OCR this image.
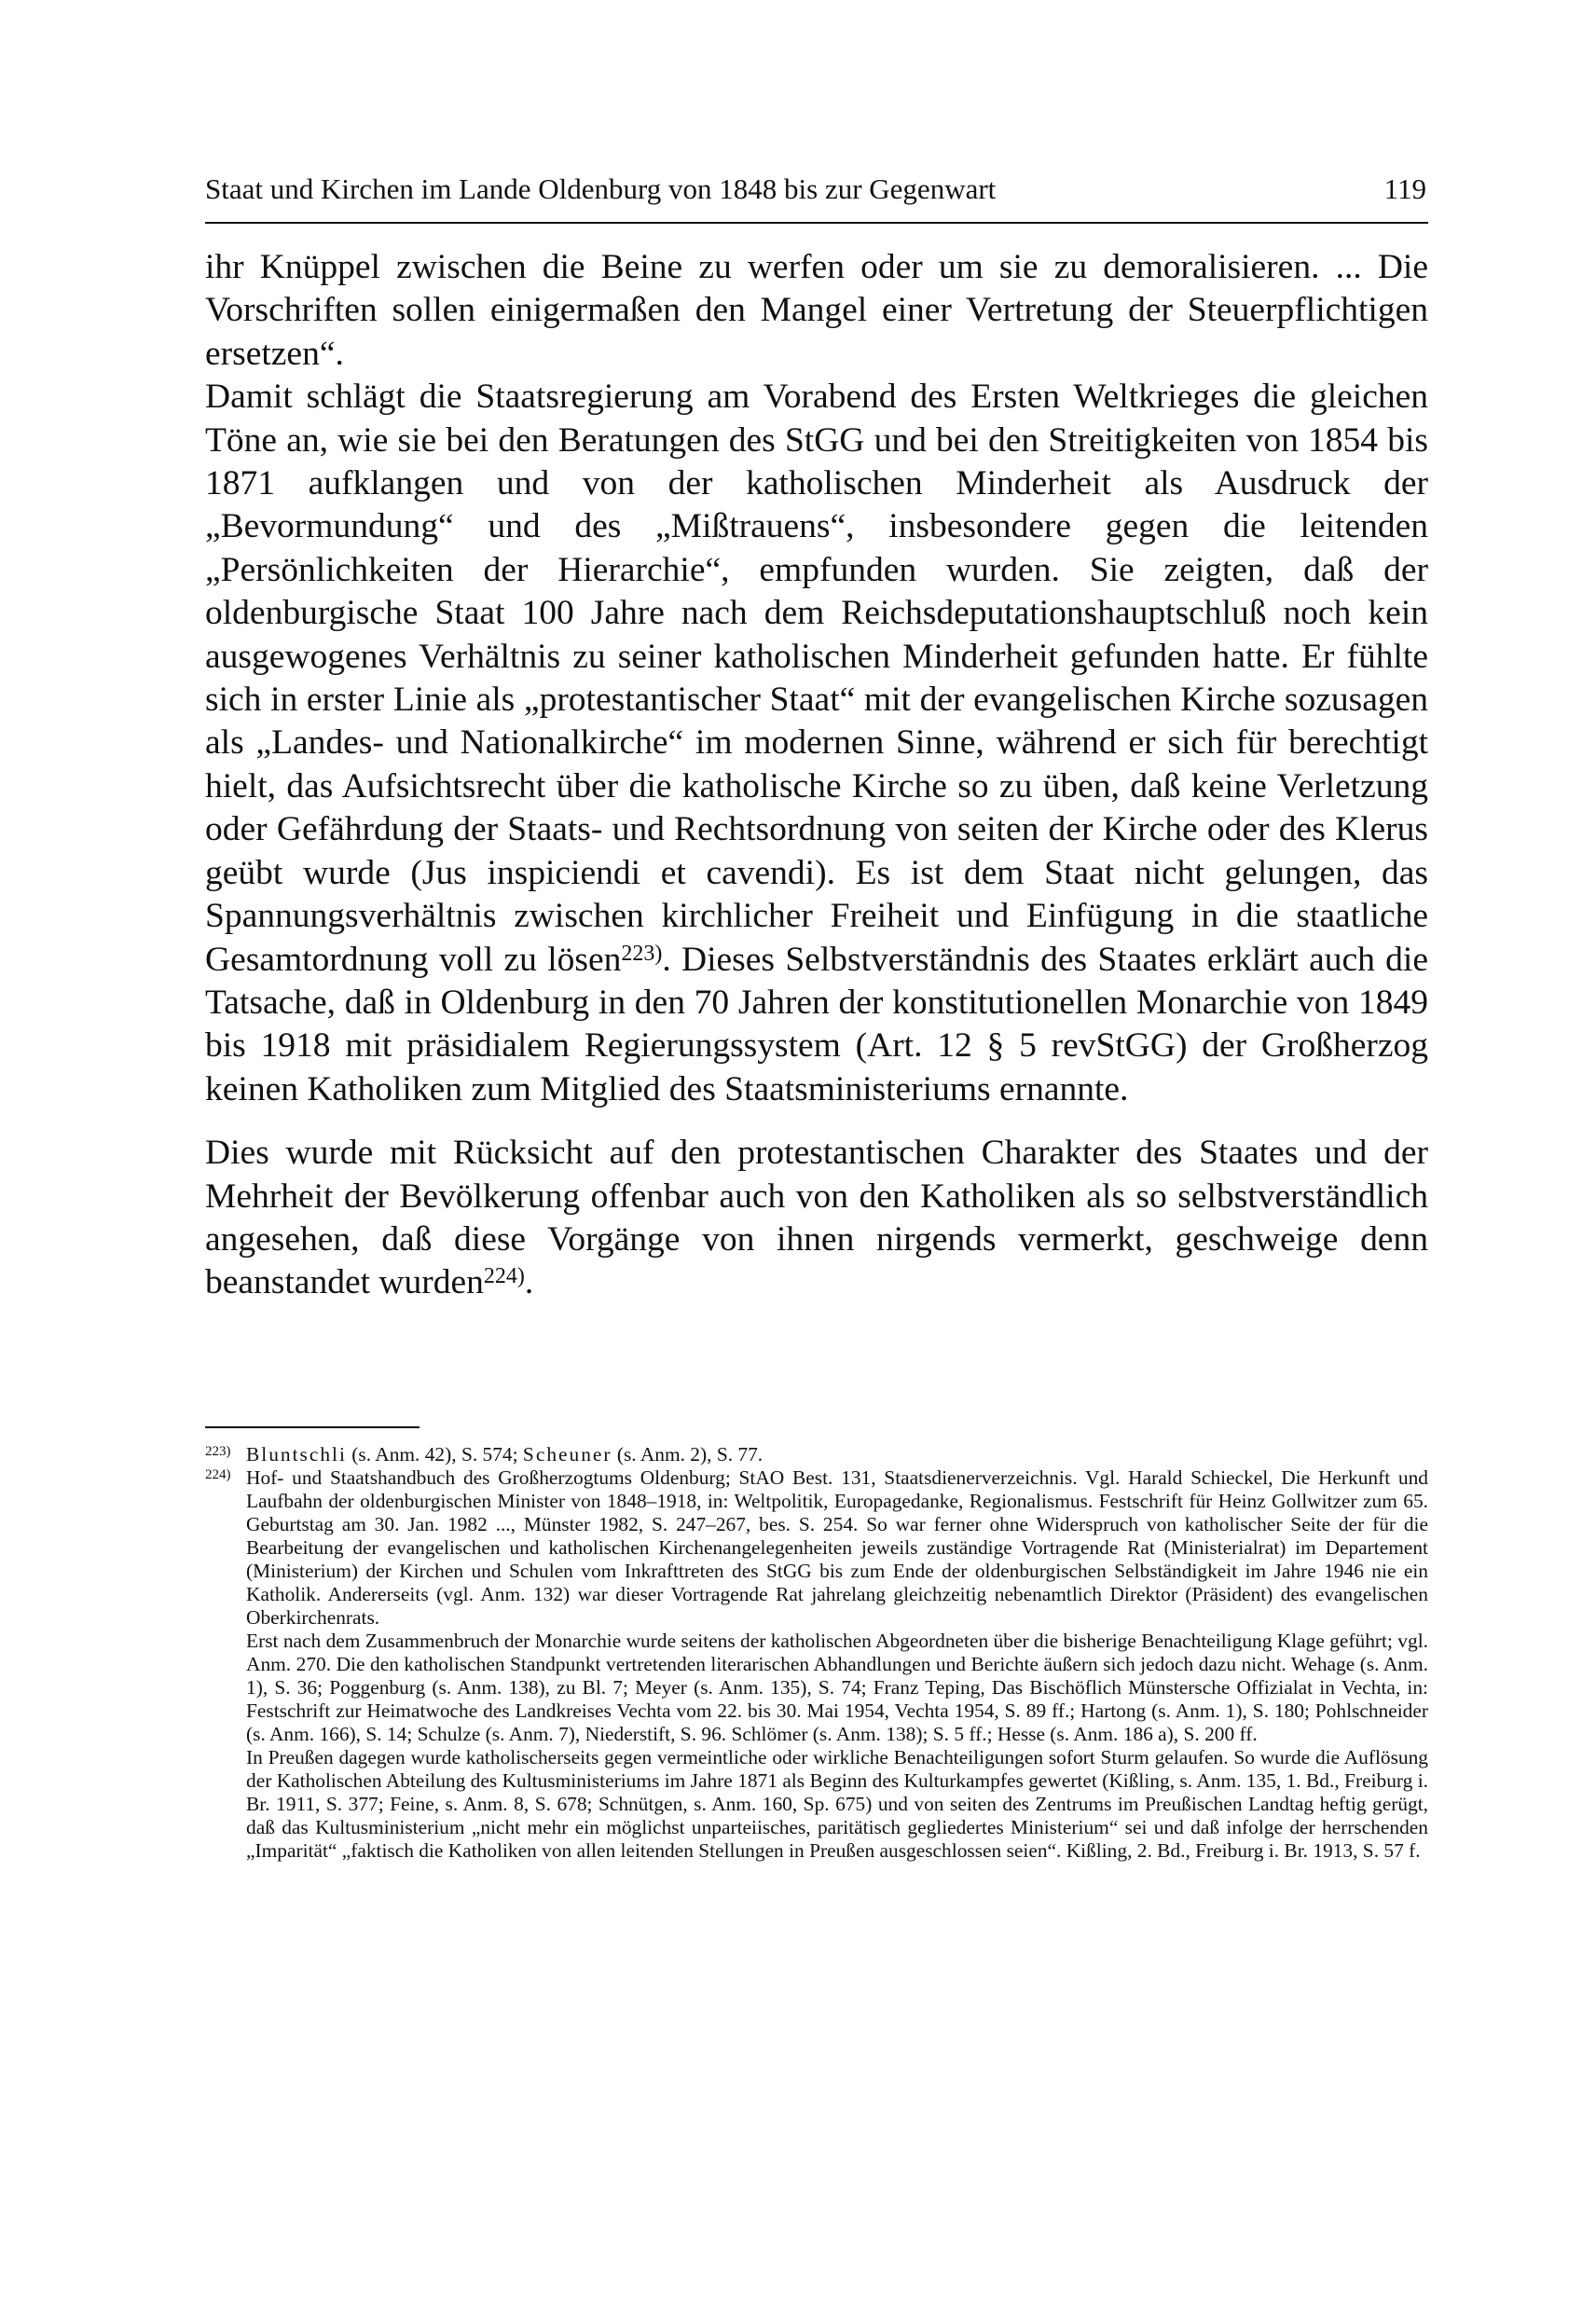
Staat und Kirchen im Lande Oldenburg von 1848 bis zur Gegenwart	119

ihr Knüppel zwischen die Beine zu werfen oder um sie zu demoralisieren. ... Die Vorschriften sollen einigermaßen den Mangel einer Vertretung der Steuerpflichtigen ersetzen“.

Damit schlägt die Staatsregierung am Vorabend des Ersten Weltkrieges die gleichen Töne an, wie sie bei den Beratungen des StGG und bei den Streitigkeiten von 1854 bis 1871 aufklangen und von der katholischen Minderheit als Ausdruck der „Bevormundung“ und des „Mißtrauens“, insbesondere gegen die leitenden „Persönlichkeiten der Hierarchie“, empfunden wurden. Sie zeigten, daß der oldenburgische Staat 100 Jahre nach dem Reichsdeputationshauptschluß noch kein ausgewogenes Verhältnis zu seiner katholischen Minderheit gefunden hatte. Er fühlte sich in erster Linie als „protestantischer Staat“ mit der evangelischen Kirche sozusagen als „Landes- und Nationalkirche“ im modernen Sinne, während er sich für berechtigt hielt, das Aufsichtsrecht über die katholische Kirche so zu üben, daß keine Verletzung oder Gefährdung der Staats- und Rechtsordnung von seiten der Kirche oder des Klerus geübt wurde (Jus inspiciendi et cavendi). Es ist dem Staat nicht gelungen, das Spannungsverhältnis zwischen kirchlicher Freiheit und Einfügung in die staatliche Gesamtordnung voll zu lösen$^{223)}$. Dieses Selbstverständnis des Staates erklärt auch die Tatsache, daß in Oldenburg in den 70 Jahren der konstitutionellen Monarchie von 1849 bis 1918 mit präsidialem Regierungssystem (Art. 12 § 5 revStGG) der Großherzog keinen Katholiken zum Mitglied des Staatsministeriums ernannte.

Dies wurde mit Rücksicht auf den protestantischen Charakter des Staates und der Mehrheit der Bevölkerung offenbar auch von den Katholiken als so selbstverständlich angesehen, daß diese Vorgänge von ihnen nirgends vermerkt, geschweige denn beanstandet wurden$^{224)}$.

223) Bluntschli (s. Anm. 42), S. 574; Scheuner (s. Anm. 2), S. 77.

224) Hof- und Staatshandbuch des Großherzogtums Oldenburg; StAO Best. 131, Staatsdienerverzeichnis. Vgl. Harald Schieckel, Die Herkunft und Laufbahn der oldenburgischen Minister von 1848–1918, in: Weltpolitik, Europagedanke, Regionalismus. Festschrift für Heinz Gollwitzer zum 65. Geburtstag am 30. Jan. 1982 ..., Münster 1982, S. 247–267, bes. S. 254. So war ferner ohne Widerspruch von katholischer Seite der für die Bearbeitung der evangelischen und katholischen Kirchenangelegenheiten jeweils zuständige Vortragende Rat (Ministerialrat) im Departement (Ministerium) der Kirchen und Schulen vom Inkrafttreten des StGG bis zum Ende der oldenburgischen Selbständigkeit im Jahre 1946 nie ein Katholik. Andererseits (vgl. Anm. 132) war dieser Vortragende Rat jahrelang gleichzeitig nebenamtlich Direktor (Präsident) des evangelischen Oberkirchenrats.

Erst nach dem Zusammenbruch der Monarchie wurde seitens der katholischen Abgeordneten über die bisherige Benachteiligung Klage geführt; vgl. Anm. 270. Die den katholischen Standpunkt vertretenden literarischen Abhandlungen und Berichte äußern sich jedoch dazu nicht. Wehage (s. Anm. 1), S. 36; Poggenburg (s. Anm. 138), zu Bl. 7; Meyer (s. Anm. 135), S. 74; Franz Teping, Das Bischöflich Münstersche Offizialat in Vechta, in: Festschrift zur Heimatwoche des Landkreises Vechta vom 22. bis 30. Mai 1954, Vechta 1954, S. 89 ff.; Hartong (s. Anm. 1), S. 180; Pohlschneider (s. Anm. 166), S. 14; Schulze (s. Anm. 7), Niederstift, S. 96. Schlömer (s. Anm. 138); S. 5 ff.; Hesse (s. Anm. 186 a), S. 200 ff.

In Preußen dagegen wurde katholischerseits gegen vermeintliche oder wirkliche Benachteiligungen sofort Sturm gelaufen. So wurde die Auflösung der Katholischen Abteilung des Kultusministeriums im Jahre 1871 als Beginn des Kulturkampfes gewertet (Kißling, s. Anm. 135, 1. Bd., Freiburg i. Br. 1911, S. 377; Feine, s. Anm. 8, S. 678; Schnütgen, s. Anm. 160, Sp. 675) und von seiten des Zentrums im Preußischen Landtag heftig gerügt, daß das Kultusministerium „nicht mehr ein möglichst unparteiisches, paritätisch gegliedertes Ministerium“ sei und daß infolge der herrschenden „Imparität“ „faktisch die Katholiken von allen leitenden Stellungen in Preußen ausgeschlossen seien“. Kißling, 2. Bd., Freiburg i. Br. 1913, S. 57 f.
